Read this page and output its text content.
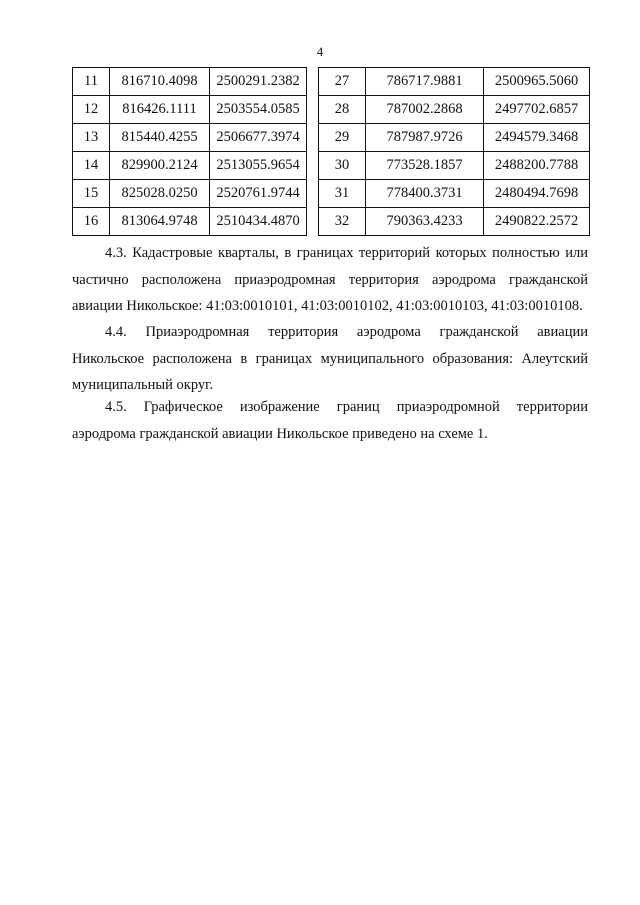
4
11	816710.4098	2500291.2382
12	816426.1111	2503554.0585
13	815440.4255	2506677.3974
14	829900.2124	2513055.9654
15	825028.0250	2520761.9744
16	813064.9748	2510434.4870
27	786717.9881	2500965.5060
28	787002.2868	2497702.6857
29	787987.9726	2494579.3468
30	773528.1857	2488200.7788
31	778400.3731	2480494.7698
32	790363.4233	2490822.2572
4.3. Кадастровые кварталы, в границах территорий которых полностью или
частично расположена приаэродромная территория аэродрома гражданской
авиации Никольское: 41:03:0010101, 41:03:0010102, 41:03:0010103, 41:03:0010108.
4.4. Приаэродромная территория аэродрома гражданской авиации
Никольское расположена в границах муниципального образования: Алеутский
муниципальный округ.
4.5. Графическое изображение границ приаэродромной территории
аэродрома гражданской авиации Никольское приведено на схеме 1.
